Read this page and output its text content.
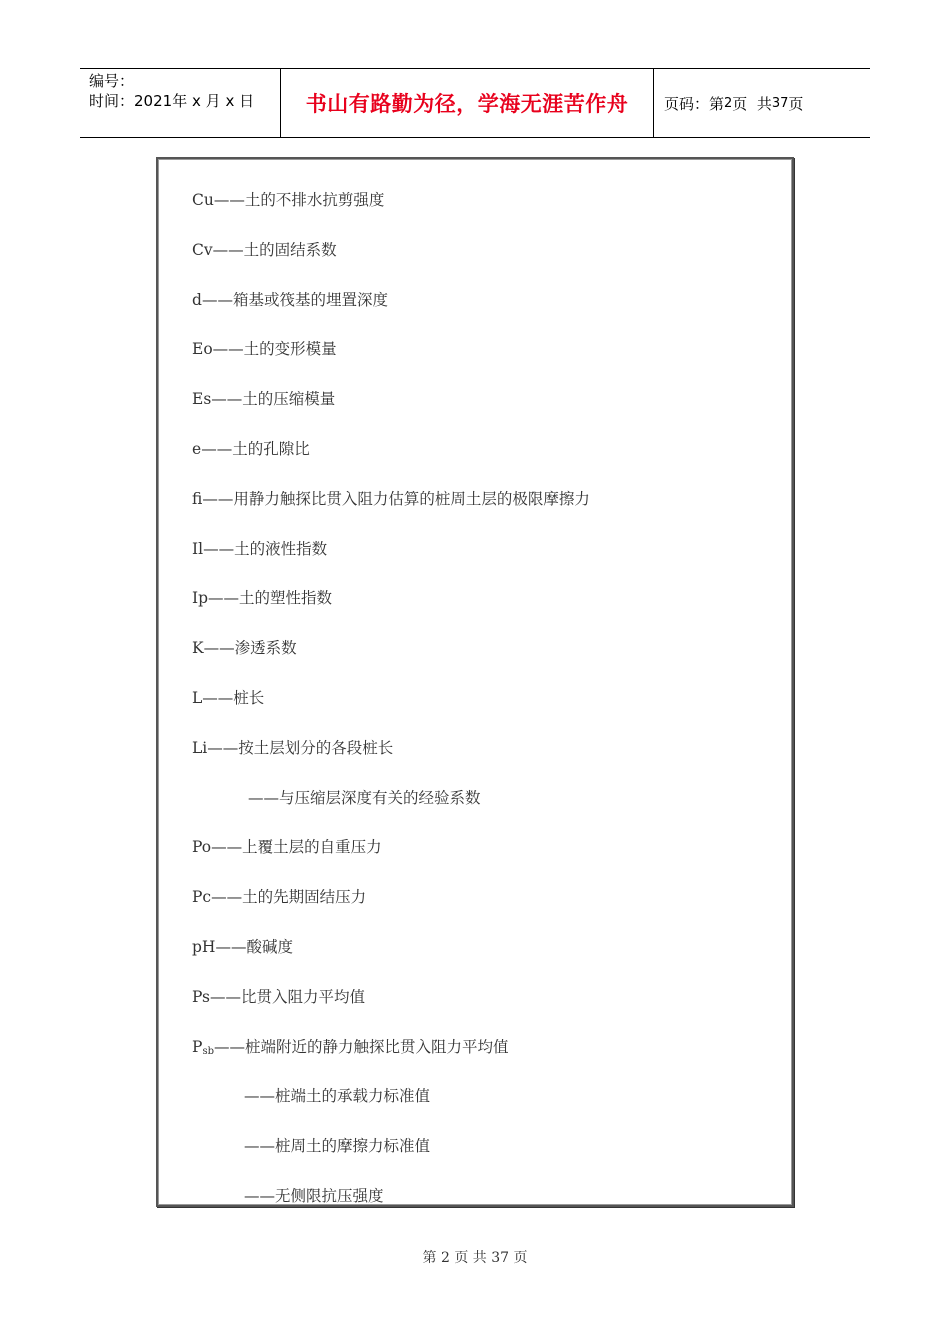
编号：
时间：2021年 x 月 x 日	书山有路勤为径，学海无涯苦作舟	页码：第 2 页  共 37 页
Cu——土的不排水抗剪强度
Cv——土的固结系数
d——箱基或筏基的埋置深度
Eo——土的变形模量
Es——土的压缩模量
e——土的孔隙比
fi——用静力触探比贯入阻力估算的桩周土层的极限摩擦力
Il——土的液性指数
Ip——土的塑性指数
K——渗透系数
L——桩长
Li——按土层划分的各段桩长
——与压缩层深度有关的经验系数
Po——上覆土层的自重压力
Pc——土的先期固结压力
pH——酸碱度
Ps——比贯入阻力平均值
$P_{sb}——$桩端附近的静力触探比贯入阻力平均值
——桩端土的承载力标准值
——桩周土的摩擦力标准值
——无侧限抗压强度
第 2 页 共 37 页
